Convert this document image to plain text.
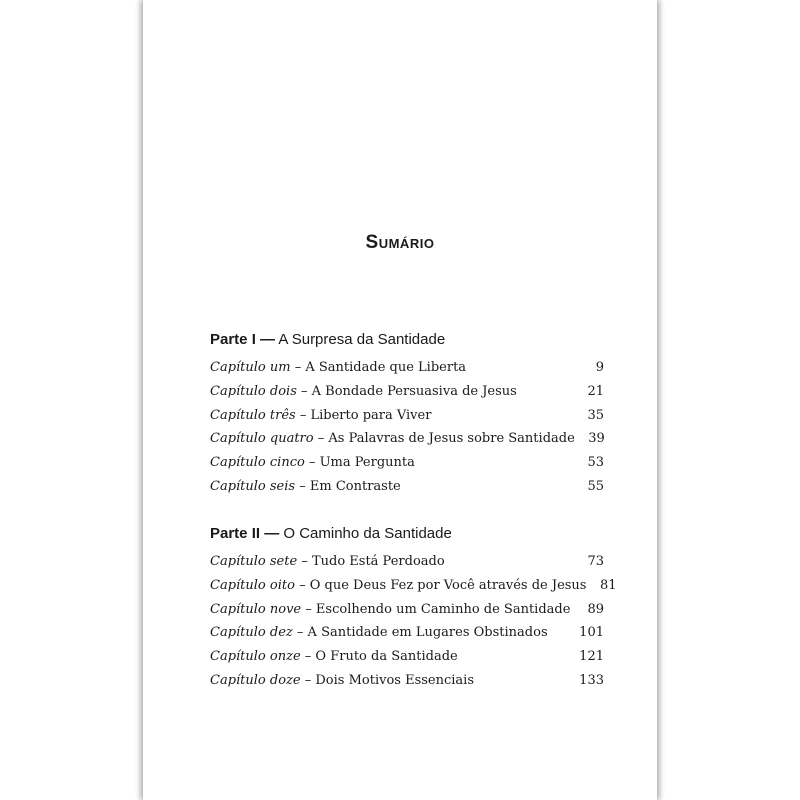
Sumário
Parte I — A Surpresa da Santidade
Capítulo um – A Santidade que Liberta	9
Capítulo dois – A Bondade Persuasiva de Jesus	21
Capítulo três – Liberto para Viver	35
Capítulo quatro – As Palavras de Jesus sobre Santidade	39
Capítulo cinco – Uma Pergunta	53
Capítulo seis – Em Contraste	55
Parte II — O Caminho da Santidade
Capítulo sete – Tudo Está Perdoado	73
Capítulo oito – O que Deus Fez por Você através de Jesus	81
Capítulo nove – Escolhendo um Caminho de Santidade	89
Capítulo dez – A Santidade em Lugares Obstinados	101
Capítulo onze – O Fruto da Santidade	121
Capítulo doze – Dois Motivos Essenciais	133
